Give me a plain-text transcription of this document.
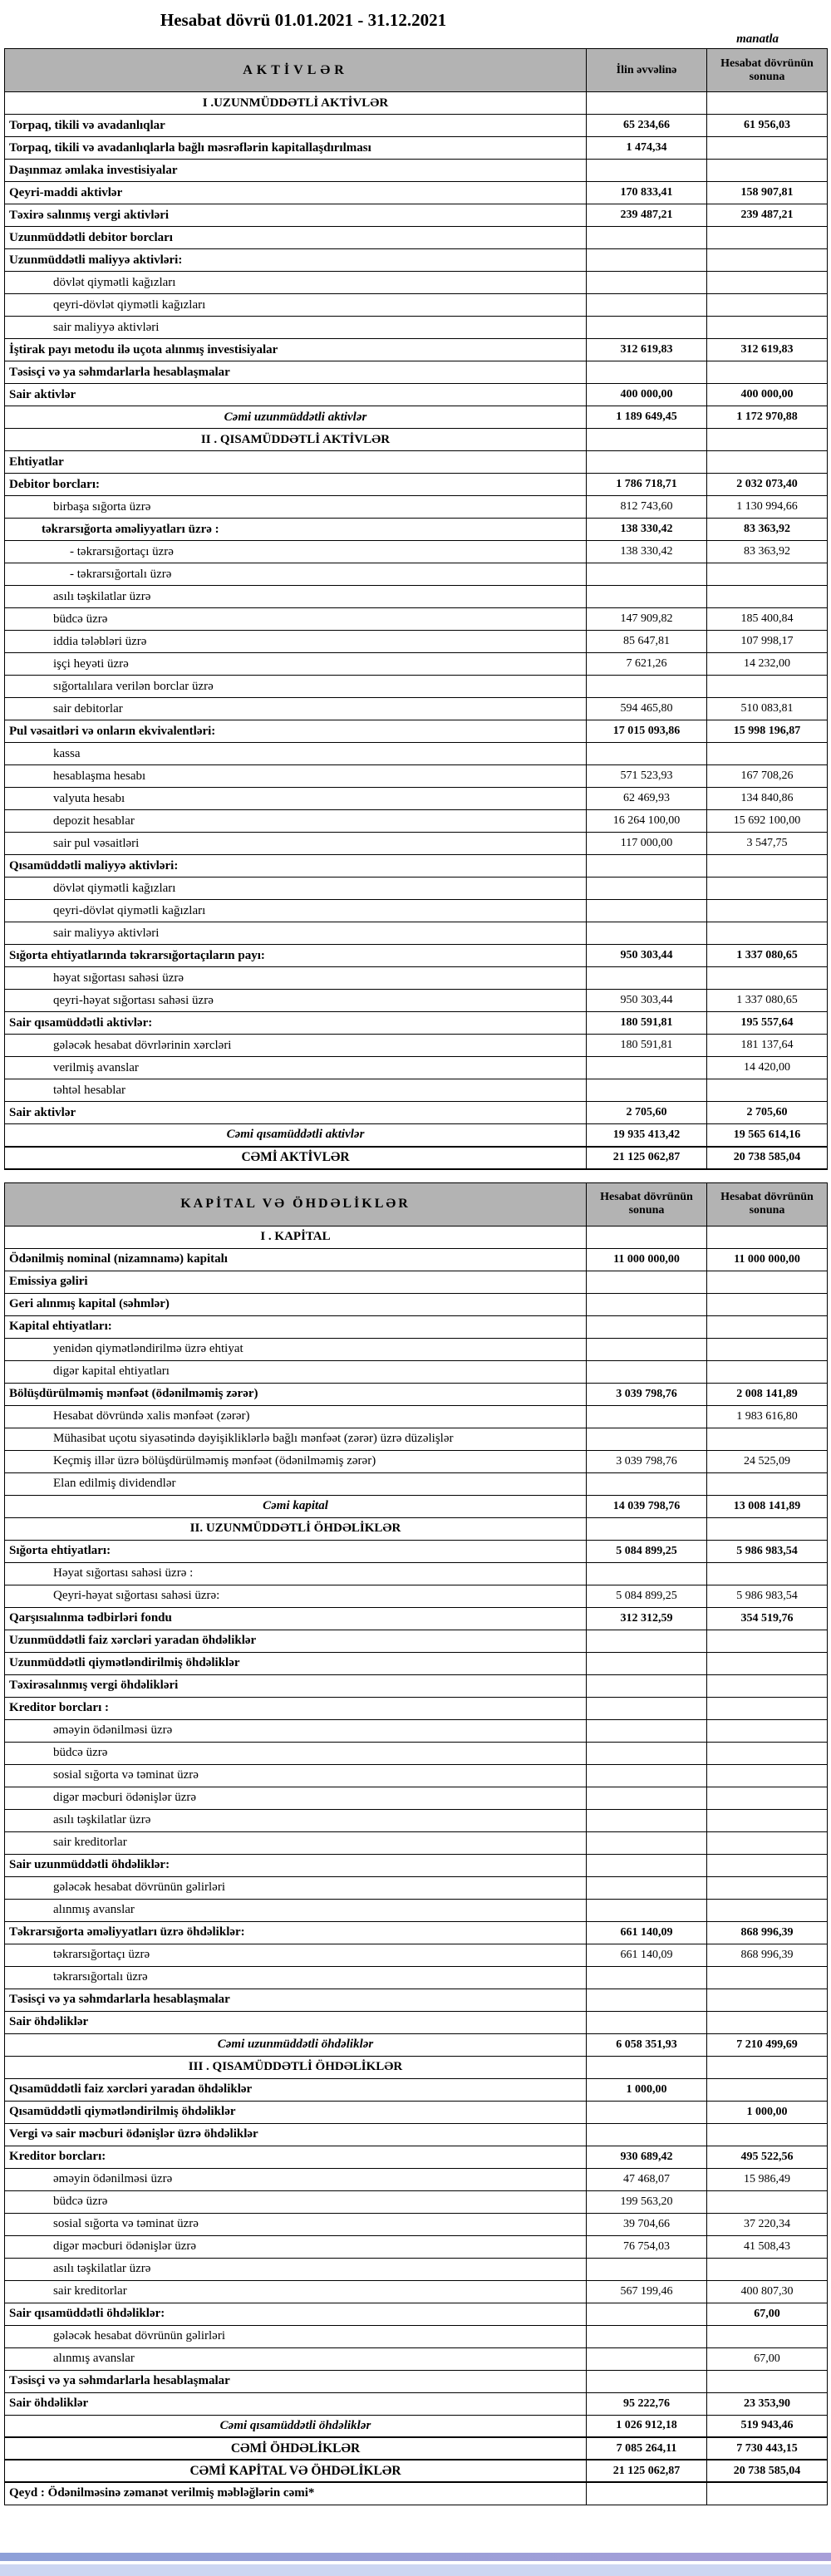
Hesabat dövrü 01.01.2021 - 31.12.2021
manatla
AKTİVLƏR	İlin əvvəlinə	Hesabat dövrünün sonuna
I .UZUNMÜDDƏTLİ AKTİVLƏR		
Torpaq, tikili və avadanlıqlar	65 234,66	61 956,03
Torpaq, tikili və avadanlıqlarla bağlı məsrəflərin kapitallaşdırılması	1 474,34	
Daşınmaz əmlaka investisiyalar		
Qeyri-maddi aktivlər	170 833,41	158 907,81
Təxirə salınmış vergi aktivləri	239 487,21	239 487,21
Uzunmüddətli debitor borcları		
Uzunmüddətli maliyyə aktivləri:		
dövlət qiymətli kağızları		
qeyri-dövlət qiymətli kağızları		
sair maliyyə aktivləri		
İştirak payı metodu ilə uçota alınmış investisiyalar	312 619,83	312 619,83
Təsisçi və ya səhmdarlarla hesablaşmalar		
Sair aktivlər	400 000,00	400 000,00
Cəmi uzunmüddətli aktivlər	1 189 649,45	1 172 970,88
II . QISAMÜDDƏTLİ AKTİVLƏR		
Ehtiyatlar		
Debitor borcları:	1 786 718,71	2 032 073,40
birbaşa sığorta üzrə	812 743,60	1 130 994,66
təkrarsığorta əməliyyatları üzrə :	138 330,42	83 363,92
- təkrarsığortaçı üzrə	138 330,42	83 363,92
- təkrarsığortalı üzrə		
asılı təşkilatlar üzrə		
büdcə üzrə	147 909,82	185 400,84
iddia tələbləri üzrə	85 647,81	107 998,17
işçi heyəti üzrə	7 621,26	14 232,00
sığortalılara verilən borclar üzrə		
sair debitorlar	594 465,80	510 083,81
Pul vəsaitləri və onların ekvivalentləri:	17 015 093,86	15 998 196,87
kassa		
hesablaşma hesabı	571 523,93	167 708,26
valyuta hesabı	62 469,93	134 840,86
depozit hesablar	16 264 100,00	15 692 100,00
sair pul vəsaitləri	117 000,00	3 547,75
Qısamüddətli maliyyə aktivləri:		
dövlət qiymətli kağızları		
qeyri-dövlət qiymətli kağızları		
sair maliyyə aktivləri		
Sığorta ehtiyatlarında təkrarsığortaçıların payı:	950 303,44	1 337 080,65
həyat sığortası sahəsi üzrə		
qeyri-həyat sığortası sahəsi üzrə	950 303,44	1 337 080,65
Sair qısamüddətli aktivlər:	180 591,81	195 557,64
gələcək hesabat dövrlərinin xərcləri	180 591,81	181 137,64
verilmiş avanslar		14 420,00
təhtəl hesablar		
Sair aktivlər	2 705,60	2 705,60
Cəmi qısamüddətli aktivlər	19 935 413,42	19 565 614,16
CƏMİ AKTİVLƏR	21 125 062,87	20 738 585,04
KAPİTAL VƏ ÖHDƏLİKLƏR	Hesabat dövrünün sonuna	Hesabat dövrünün sonuna
I . KAPİTAL		
Ödənilmiş nominal (nizamnamə) kapitalı	11 000 000,00	11 000 000,00
Emissiya gəliri		
Geri alınmış kapital (səhmlər)		
Kapital ehtiyatları:		
yenidən qiymətləndirilmə üzrə ehtiyat		
digər kapital ehtiyatları		
Bölüşdürülməmiş mənfəət (ödənilməmiş zərər)	3 039 798,76	2 008 141,89
Hesabat dövründə xalis mənfəət (zərər)		1 983 616,80
Mühasibat uçotu siyasətində dəyişikliklərlə bağlı mənfəət (zərər) üzrə düzəlişlər		
Keçmiş illər üzrə bölüşdürülməmiş mənfəət (ödənilməmiş zərər)	3 039 798,76	24 525,09
Elan edilmiş dividendlər		
Cəmi kapital	14 039 798,76	13 008 141,89
II. UZUNMÜDDƏTLİ ÖHDƏLİKLƏR		
Sığorta ehtiyatları:	5 084 899,25	5 986 983,54
Həyat sığortası sahəsi üzrə :		
Qeyri-həyat sığortası sahəsi üzrə:	5 084 899,25	5 986 983,54
Qarşısıalınma tədbirləri fondu	312 312,59	354 519,76
Uzunmüddətli faiz xərcləri yaradan öhdəliklər		
Uzunmüddətli qiymətləndirilmiş öhdəliklər		
Təxirəsalınmış vergi öhdəlikləri		
Kreditor borcları :		
əməyin ödənilməsi üzrə		
büdcə üzrə		
sosial sığorta və təminat üzrə		
digər məcburi ödənişlər üzrə		
asılı təşkilatlar üzrə		
sair kreditorlar		
Sair uzunmüddətli öhdəliklər:		
gələcək hesabat dövrünün gəlirləri		
alınmış avanslar		
Təkrarsığorta əməliyyatları üzrə öhdəliklər:	661 140,09	868 996,39
təkrarsığortaçı üzrə	661 140,09	868 996,39
təkrarsığortalı üzrə		
Təsisçi və ya səhmdarlarla hesablaşmalar		
Sair öhdəliklər		
Cəmi uzunmüddətli öhdəliklər	6 058 351,93	7 210 499,69
III . QISAMÜDDƏTLİ ÖHDƏLİKLƏR		
Qısamüddətli faiz xərcləri yaradan öhdəliklər	1 000,00	
Qısamüddətli qiymətləndirilmiş öhdəliklər		1 000,00
Vergi və sair məcburi ödənişlər üzrə öhdəliklər		
Kreditor borcları:	930 689,42	495 522,56
əməyin ödənilməsi üzrə	47 468,07	15 986,49
büdcə üzrə	199 563,20	
sosial sığorta və təminat üzrə	39 704,66	37 220,34
digər məcburi ödənişlər üzrə	76 754,03	41 508,43
asılı təşkilatlar üzrə		
sair kreditorlar	567 199,46	400 807,30
Sair qısamüddətli öhdəliklər:		67,00
gələcək hesabat dövrünün gəlirləri		
alınmış avanslar		67,00
Təsisçi və ya səhmdarlarla hesablaşmalar		
Sair öhdəliklər	95 222,76	23 353,90
Cəmi qısamüddətli öhdəliklər	1 026 912,18	519 943,46
CƏMİ ÖHDƏLİKLƏR	7 085 264,11	7 730 443,15
CƏMİ KAPİTAL VƏ ÖHDƏLİKLƏR	21 125 062,87	20 738 585,04
Qeyd : Ödənilməsinə zəmanət verilmiş məbləğlərin cəmi*		
